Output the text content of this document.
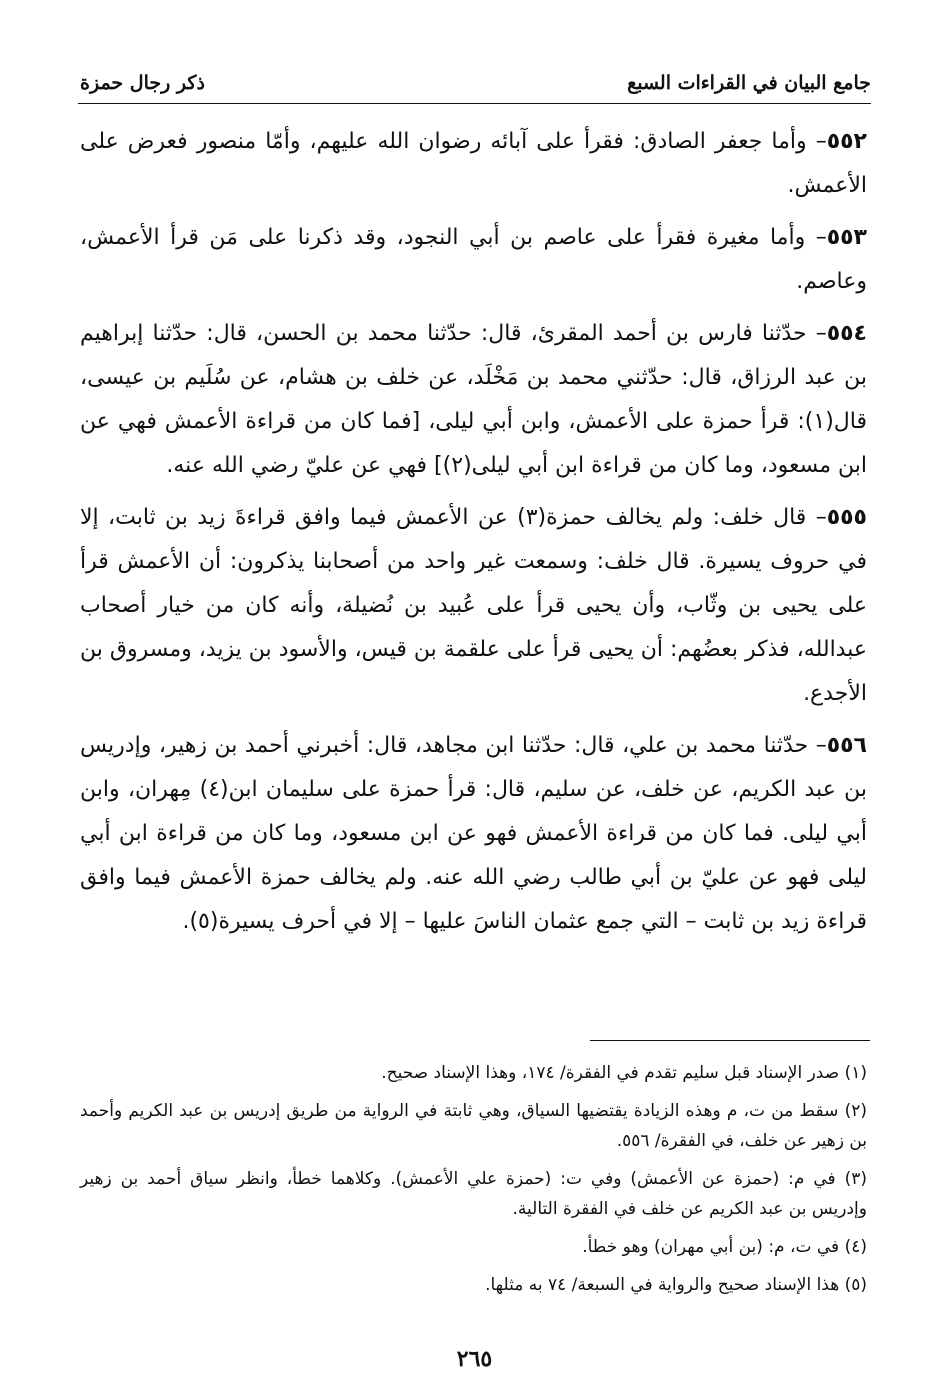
جامع البيان في القراءات السبع
ذكر رجال حمزة

٥٥٢– وأما جعفر الصادق: فقرأ على آبائه رضوان الله عليهم، وأمّا منصور فعرض على الأعمش.

٥٥٣– وأما مغيرة فقرأ على عاصم بن أبي النجود، وقد ذكرنا على مَن قرأ الأعمش، وعاصم.

٥٥٤– حدّثنا فارس بن أحمد المقرئ، قال: حدّثنا محمد بن الحسن، قال: حدّثنا إبراهيم بن عبد الرزاق، قال: حدّثني محمد بن مَخْلَد، عن خلف بن هشام، عن سُلَيم بن عيسى، قال(١): قرأ حمزة على الأعمش، وابن أبي ليلى، [فما كان من قراءة الأعمش فهي عن ابن مسعود، وما كان من قراءة ابن أبي ليلى(٢)] فهي عن عليّ رضي الله عنه.

٥٥٥– قال خلف: ولم يخالف حمزة(٣) عن الأعمش فيما وافق قراءةَ زيد بن ثابت، إلا في حروف يسيرة. قال خلف: وسمعت غير واحد من أصحابنا يذكرون: أن الأعمش قرأ على يحيى بن وثّاب، وأن يحيى قرأ على عُبيد بن نُضيلة، وأنه كان من خيار أصحاب عبدالله، فذكر بعضُهم: أن يحيى قرأ على علقمة بن قيس، والأسود بن يزيد، ومسروق بن الأجدع.

٥٥٦– حدّثنا محمد بن علي، قال: حدّثنا ابن مجاهد، قال: أخبرني أحمد بن زهير، وإدريس بن عبد الكريم، عن خلف، عن سليم، قال: قرأ حمزة على سليمان ابن(٤) مِهران، وابن أبي ليلى. فما كان من قراءة الأعمش فهو عن ابن مسعود، وما كان من قراءة ابن أبي ليلى فهو عن عليّ بن أبي طالب رضي الله عنه. ولم يخالف حمزة الأعمش فيما وافق قراءة زيد بن ثابت – التي جمع عثمان الناسَ عليها – إلا في أحرف يسيرة(٥).

(١) صدر الإسناد قبل سليم تقدم في الفقرة/ ١٧٤، وهذا الإسناد صحيح.

(٢) سقط من ت، م وهذه الزيادة يقتضيها السياق، وهي ثابتة في الرواية من طريق إدريس بن عبد الكريم وأحمد بن زهير عن خلف، في الفقرة/ ٥٥٦.

(٣) في م: (حمزة عن الأعمش) وفي ت: (حمزة علي الأعمش). وكلاهما خطأ، وانظر سياق أحمد بن زهير وإدريس بن عبد الكريم عن خلف في الفقرة التالية.

(٤) في ت، م: (بن أبي مهران) وهو خطأ.

(٥) هذا الإسناد صحيح والرواية في السبعة/ ٧٤ به مثلها.

٢٦٥
